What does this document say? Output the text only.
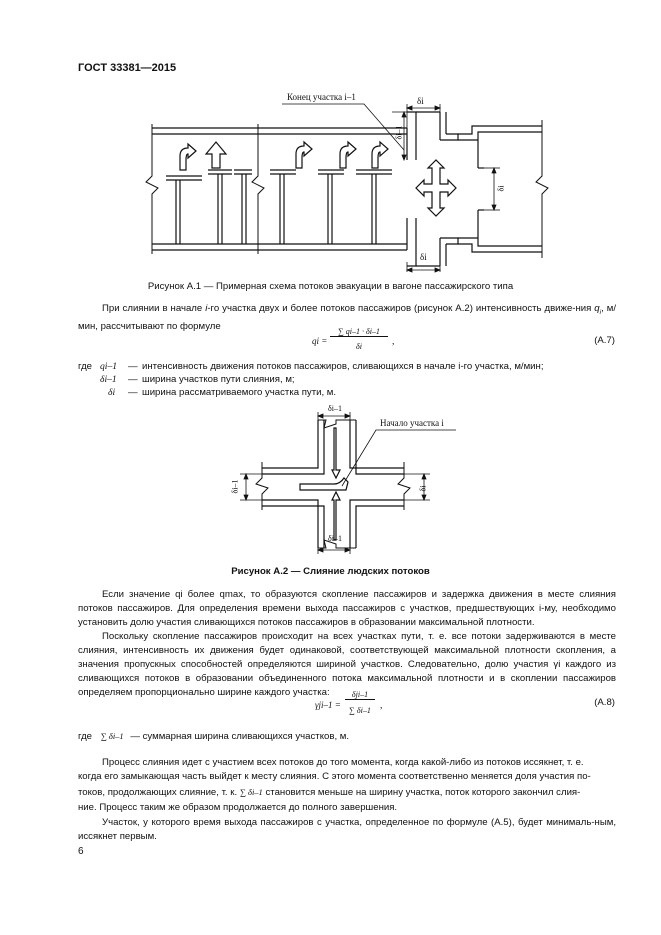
ГОСТ 33381—2015
Конец участка i–1	δi
δi–1
δi
δi
Рисунок А.1 — Примерная схема потоков эвакуации в вагоне пассажирского типа
При слиянии в начале i-го участка двух и более потоков пассажиров (рисунок А.2) интенсивность движе-ния $q_i$, м/мин, рассчитывают по формуле
qi =
∑ qi–1 · δi–1
δi	,	(А.7)
где qi–1 — интенсивность движения потоков пассажиров, сливающихся в начале i-го участка, м/мин;
δi–1 — ширина участков пути слияния, м;
δi — ширина рассматриваемого участка пути, м.
Начало участка i
δi–1
δi–1	δi
δi–1
Рисунок А.2 — Слияние людских потоков
Если значение qi более qmax, то образуются скопление пассажиров и задержка движения в месте слияния потоков пассажиров. Для определения времени выхода пассажиров с участков, предшествующих i-му, необходимо установить долю участия сливающихся потоков пассажиров в образовании максимальной плотности.
Поскольку скопление пассажиров происходит на всех участках пути, т. е. все потоки задерживаются в месте слияния, интенсивность их движения будет одинаковой, соответствующей максимальной плотности скопления, а значения пропускных способностей определяются шириной участков. Следовательно, долю участия γi каждого из сливающихся потоков в образовании объединенного потока максимальной плотности и в скоплении пассажиров определяем пропорционально ширине каждого участка:
γji–1 =
δji–1
∑ δi–1 ,	(А.8)
где ∑ δi–1 — суммарная ширина сливающихся участков, м.
Процесс слияния идет с участием всех потоков до того момента, когда какой-либо из потоков иссякнет, т. е.
когда его замыкающая часть выйдет к месту слияния. С этого момента соответственно меняется доля участия по-
токов, продолжающих слияние, т. к. ∑ δi–1 становится меньше на ширину участка, поток которого закончил слия-
ние. Процесс таким же образом продолжается до полного завершения.
Участок, у которого время выхода пассажиров с участка, определенное по формуле (А.5), будет минималь-ным, иссякнет первым.
6
